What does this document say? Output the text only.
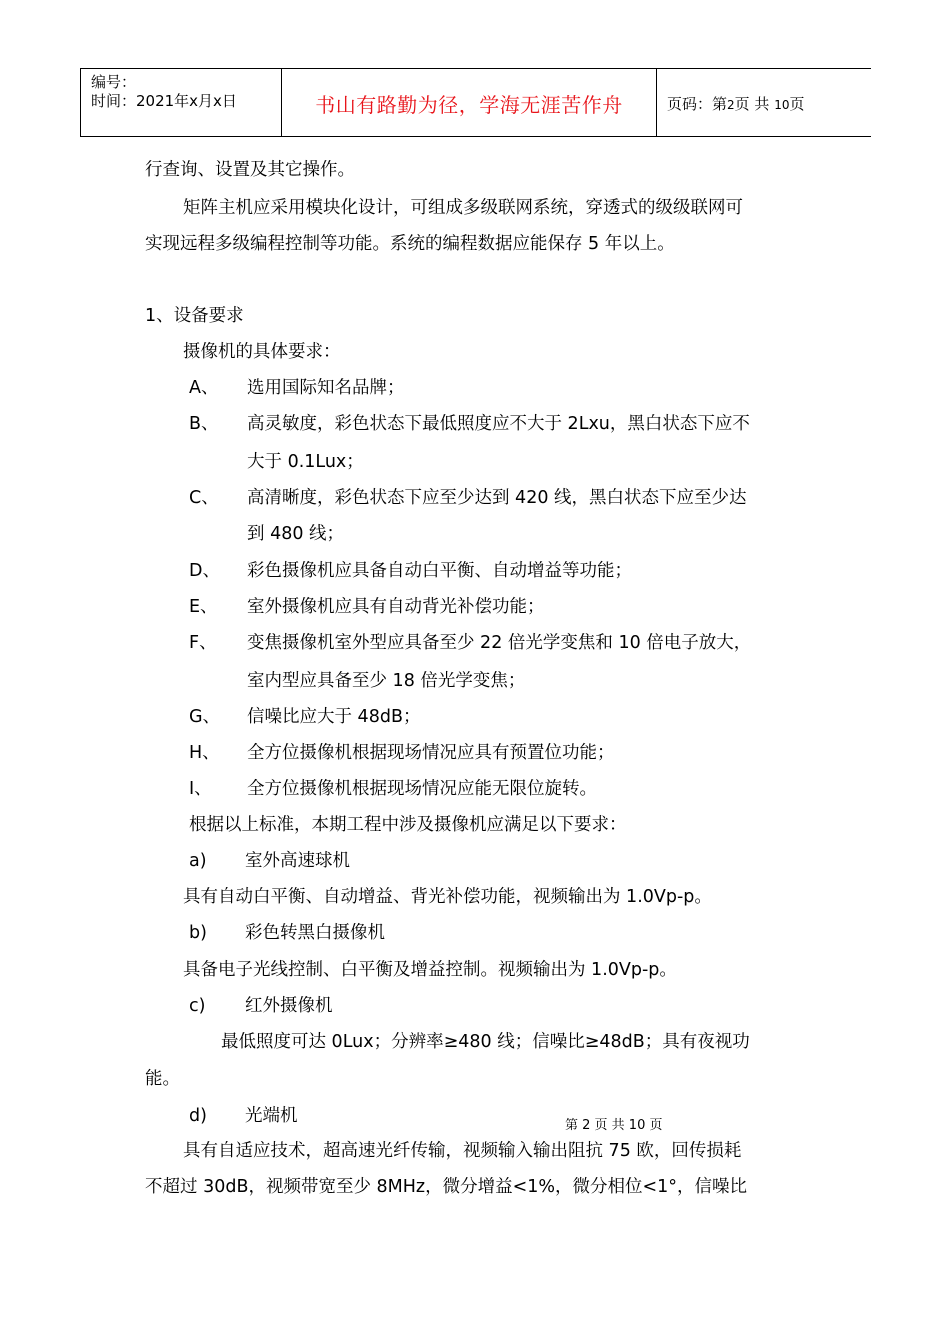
编号：
时间：2021年x月x日	书山有路勤为径，学海无涯苦作舟	页码：第2页 共 10页
行查询、设置及其它操作。
矩阵主机应采用模块化设计，可组成多级联网系统，穿透式的级级联网可
实现远程多级编程控制等功能。系统的编程数据应能保存 5 年以上。
1、设备要求
摄像机的具体要求：
A、 选用国际知名品牌；
B、 高灵敏度，彩色状态下最低照度应不大于 2Lxu，黑白状态下应不
大于 0.1Lux；
C、 高清晰度，彩色状态下应至少达到 420 线，黑白状态下应至少达
到 480 线；
D、 彩色摄像机应具备自动白平衡、自动增益等功能；
E、 室外摄像机应具有自动背光补偿功能；
F、 变焦摄像机室外型应具备至少 22 倍光学变焦和 10 倍电子放大，
室内型应具备至少 18 倍光学变焦；
G、 信噪比应大于 48dB；
H、 全方位摄像机根据现场情况应具有预置位功能；
I、 全方位摄像机根据现场情况应能无限位旋转。
根据以上标准，本期工程中涉及摄像机应满足以下要求：
a) 室外高速球机
具有自动白平衡、自动增益、背光补偿功能，视频输出为 1.0Vp-p。
b) 彩色转黑白摄像机
具备电子光线控制、白平衡及增益控制。视频输出为 1.0Vp-p。
c) 红外摄像机
最低照度可达 0Lux；分辨率≥480 线；信噪比≥48dB；具有夜视功
能。
d) 光端机	第 2 页 共 10 页
具有自适应技术，超高速光纤传输，视频输入输出阻抗 75 欧，回传损耗
不超过 30dB，视频带宽至少 8MHz，微分增益<1%，微分相位<1°，信噪比
